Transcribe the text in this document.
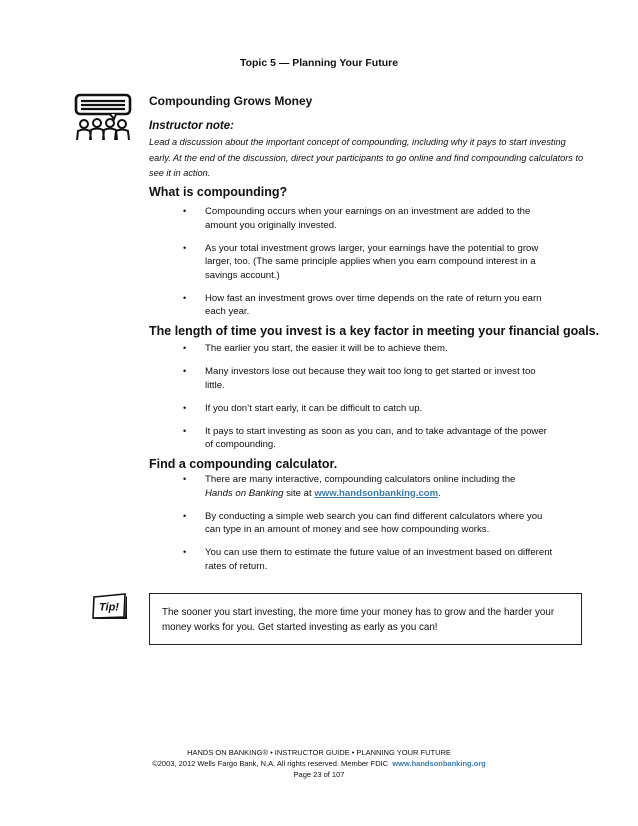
Topic 5 — Planning Your Future
Compounding Grows Money
Instructor note:
Lead a discussion about the important concept of compounding, including why it pays to start investing early. At the end of the discussion, direct your participants to go online and find compounding calculators to see it in action.
What is compounding?
• Compounding occurs when your earnings on an investment are added to the amount you originally invested.
• As your total investment grows larger, your earnings have the potential to grow larger, too. (The same principle applies when you earn compound interest in a savings account.)
• How fast an investment grows over time depends on the rate of return you earn each year.
The length of time you invest is a key factor in meeting your financial goals.
• The earlier you start, the easier it will be to achieve them.
• Many investors lose out because they wait too long to get started or invest too little.
• If you don’t start early, it can be difficult to catch up.
• It pays to start investing as soon as you can, and to take advantage of the power of compounding.
Find a compounding calculator.
• There are many interactive, compounding calculators online including the
Hands on Banking site at www.handsonbanking.com.
• By conducting a simple web search you can find different calculators where you can type in an amount of money and see how compounding works.
• You can use them to estimate the future value of an investment based on different rates of return.
Tip!	The sooner you start investing, the more time your money has to grow and the harder your money works for you. Get started investing as early as you can!
HANDS ON BANKING® • INSTRUCTOR GUIDE • PLANNING YOUR FUTURE
©2003, 2012 Wells Fargo Bank, N.A. All rights reserved. Member FDIC www.handsonbanking.org
Page 23 of 107
